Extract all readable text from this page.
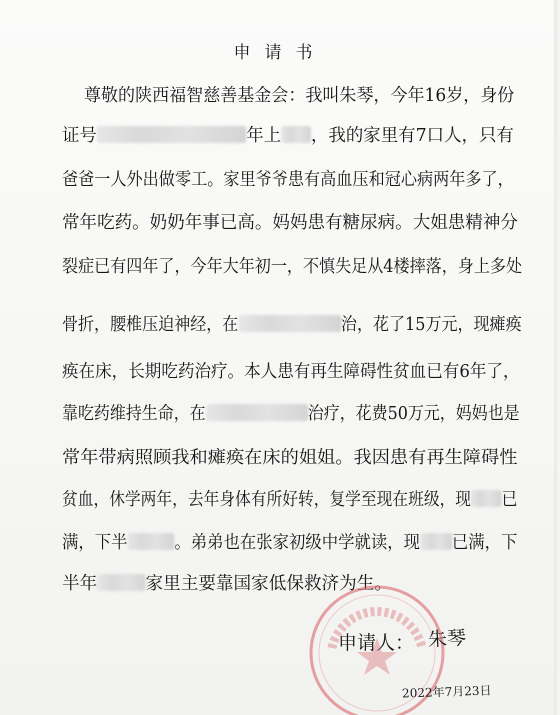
申请书
尊敬的陕西福智慈善基金会：我叫朱琴，今年16岁，身份
证号	年上 ，我的家里有7口人，只有
爸爸一人外出做零工。家里爷爷患有高血压和冠心病两年多了，
常年吃药。奶奶年事已高。妈妈患有糖尿病。大姐患精神分
裂症已有四年了，今年大年初一，不慎失足从4楼摔落，身上多处
骨折，腰椎压迫神经，在	治，花了15万元，现瘫痪
痪在床，长期吃药治疗。本人患有再生障碍性贫血已有6年了，
靠吃药维持生命，在	治疗，花费50万元，妈妈也是
常年带病照顾我和瘫痪在床的姐姐。我因患有再生障碍性
贫血，休学两年，去年身体有所好转，复学至现在班级，现 已
满，下半	。弟弟也在张家初级中学就读，现 已满，下
半年	家里主要靠国家低保救济为生。
申请人： 朱琴
2022年7月23日
